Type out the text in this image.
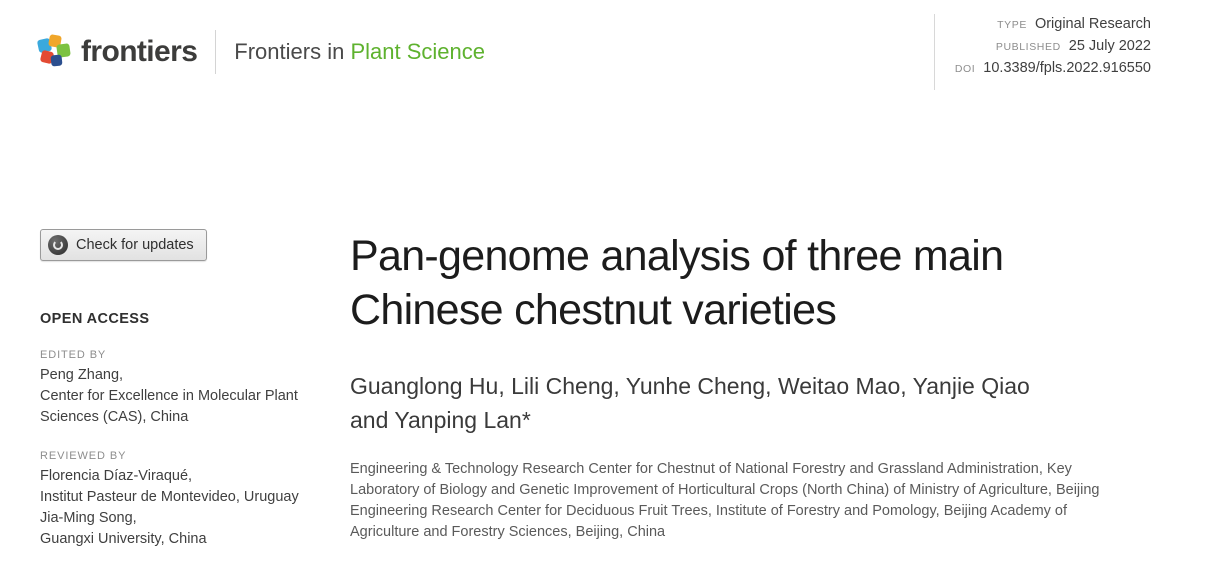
frontiers Frontiers in Plant Science
TYPE Original Research
PUBLISHED 25 July 2022
DOI 10.3389/fpls.2022.916550
Check for updates
OPEN ACCESS
EDITED BY

Peng Zhang,

Center for Excellence in Molecular Plant

Sciences (CAS), China

REVIEWED BY

Florencia Díaz-Viraqué,

Institut Pasteur de Montevideo, Uruguay

Jia-Ming Song,

Guangxi University, China

Pan-genome analysis of three main Chinese chestnut varieties
Guanglong Hu, Lili Cheng, Yunhe Cheng, Weitao Mao, Yanjie Qiao and Yanping Lan*
Engineering & Technology Research Center for Chestnut of National Forestry and Grassland Administration, Key Laboratory of Biology and Genetic Improvement of Horticultural Crops (North China) of Ministry of Agriculture, Beijing Engineering Research Center for Deciduous Fruit Trees, Institute of Forestry and Pomology, Beijing Academy of Agriculture and Forestry Sciences, Beijing, China
